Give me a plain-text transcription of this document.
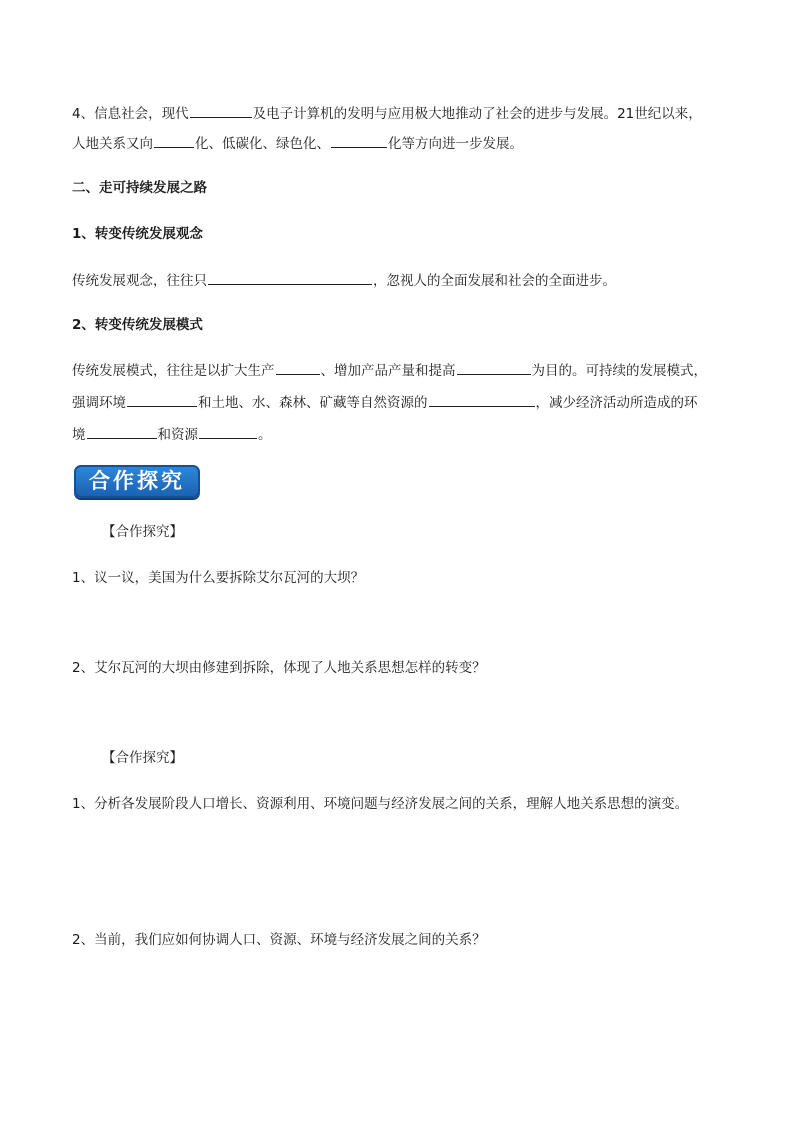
4、信息社会，现代	及电子计算机的发明与应用极大地推动了社会的进步与发展。21世纪以来，
人地关系又向	化、低碳化、绿色化、	化等方向进一步发展。
二、走可持续发展之路
1、转变传统发展观念
传统发展观念，往往只	，忽视人的全面发展和社会的全面进步。
2、转变传统发展模式
传统发展模式，往往是以扩大生产	、增加产品产量和提高	为目的。可持续的发展模式，
强调环境	和土地、水、森林、矿藏等自然资源的	，减少经济活动所造成的环
境	和资源	。
合作探究
【合作探究】
1、议一议，美国为什么要拆除艾尔瓦河的大坝？
2、艾尔瓦河的大坝由修建到拆除，体现了人地关系思想怎样的转变？
【合作探究】
1、分析各发展阶段人口增长、资源利用、环境问题与经济发展之间的关系，理解人地关系思想的演变。
2、当前，我们应如何协调人口、资源、环境与经济发展之间的关系？
